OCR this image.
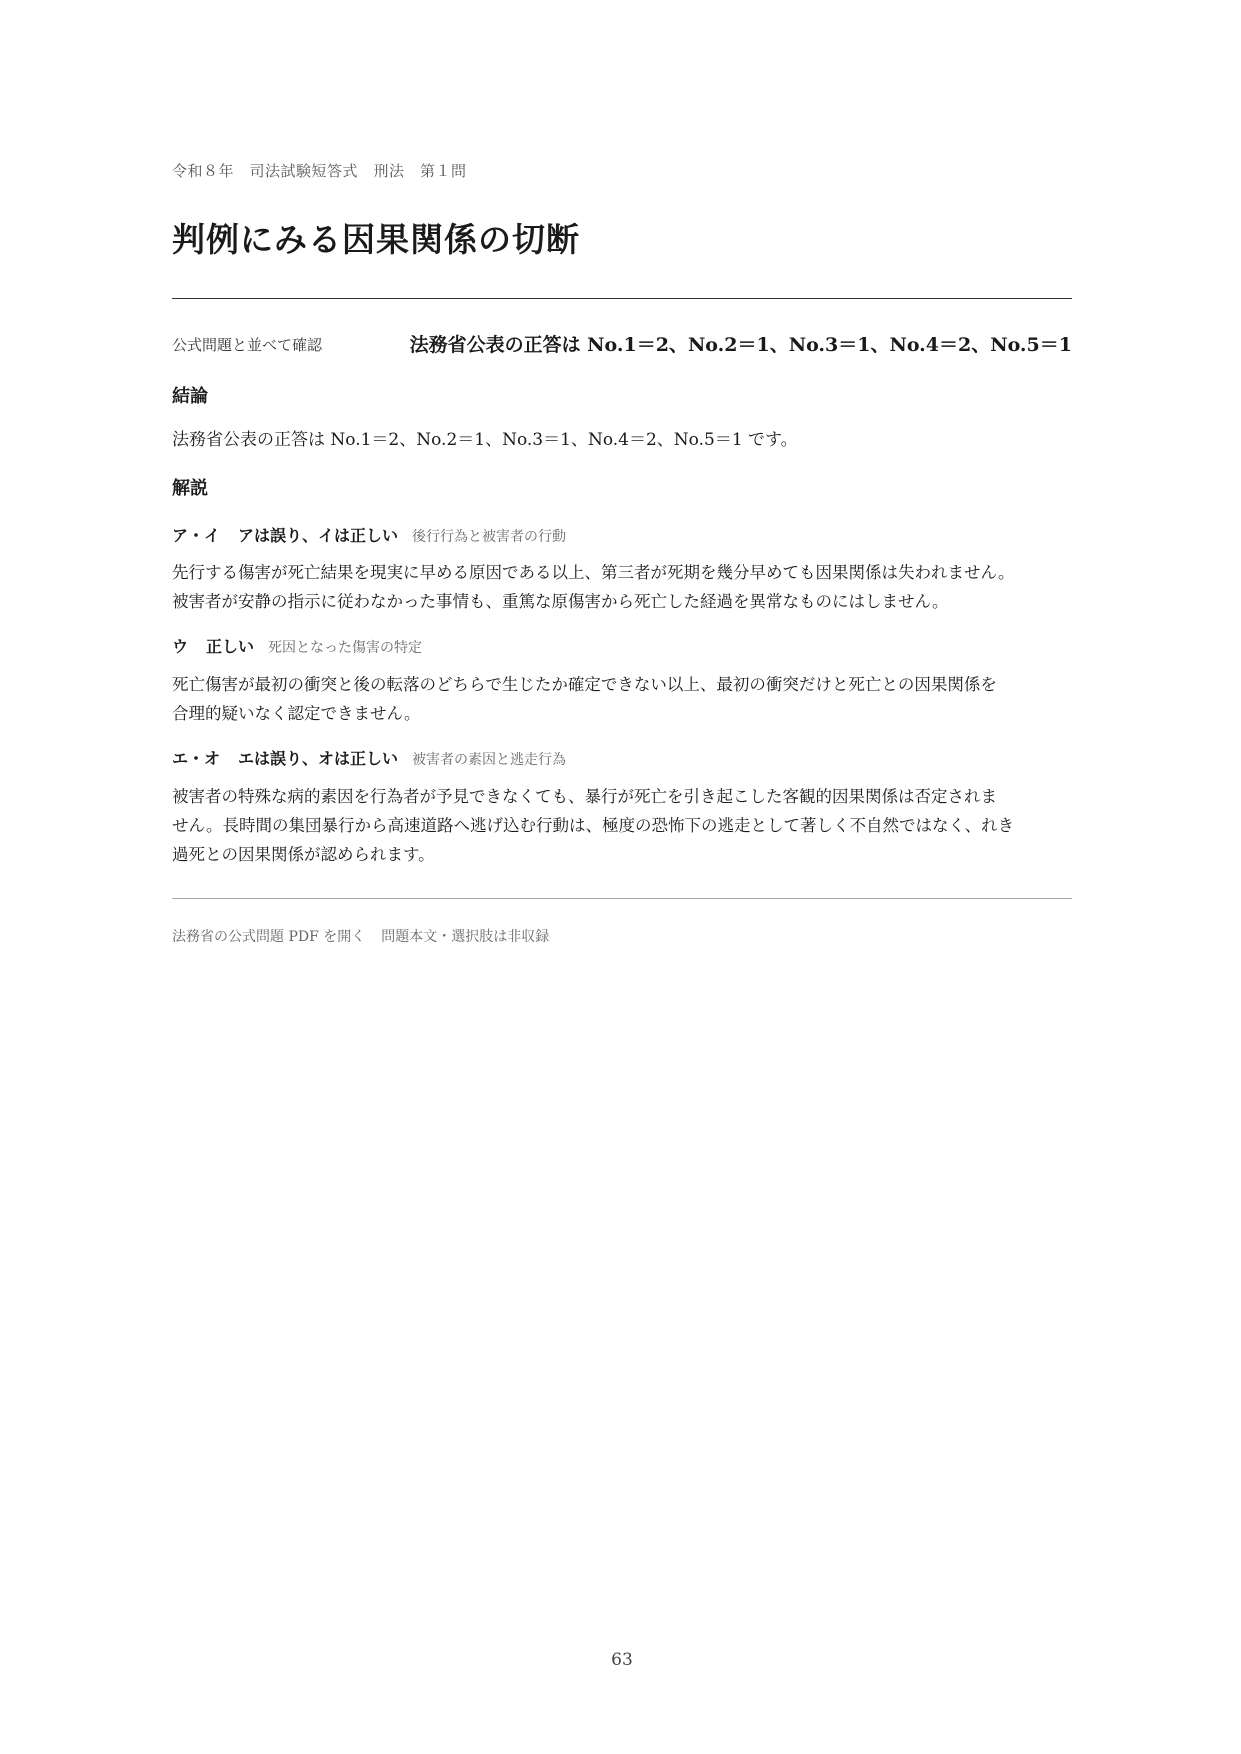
令和８年　司法試験短答式　刑法　第１問
判例にみる因果関係の切断
公式問題と並べて確認	法務省公表の正答は No.1＝2、No.2＝1、No.3＝1、No.4＝2、No.5＝1
結論
法務省公表の正答は No.1＝2、No.2＝1、No.3＝1、No.4＝2、No.5＝1 です。
解説
ア・イ アは誤り、イは正しい 後行行為と被害者の行動
先行する傷害が死亡結果を現実に早める原因である以上、第三者が死期を幾分早めても因果関係は失われません。
被害者が安静の指示に従わなかった事情も、重篤な原傷害から死亡した経過を異常なものにはしません。
ウ 正しい 死因となった傷害の特定
死亡傷害が最初の衝突と後の転落のどちらで生じたか確定できない以上、最初の衝突だけと死亡との因果関係を
合理的疑いなく認定できません。
エ・オ エは誤り、オは正しい 被害者の素因と逃走行為
被害者の特殊な病的素因を行為者が予見できなくても、暴行が死亡を引き起こした客観的因果関係は否定されま
せん。長時間の集団暴行から高速道路へ逃げ込む行動は、極度の恐怖下の逃走として著しく不自然ではなく、れき
過死との因果関係が認められます。
法務省の公式問題 PDF を開く 問題本文・選択肢は非収録
63
